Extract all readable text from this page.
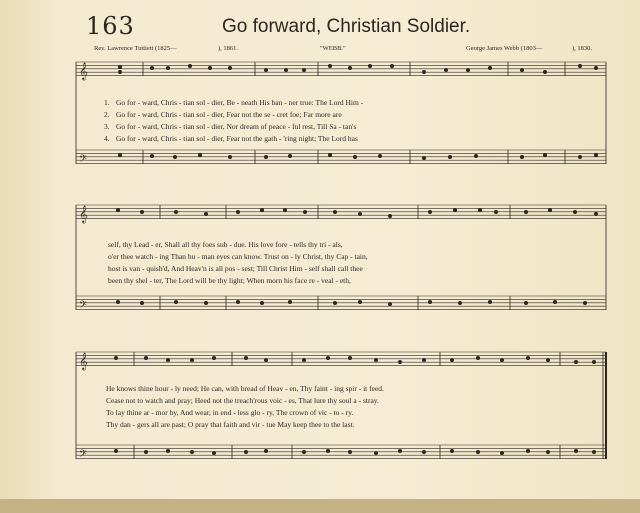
163	Go forward, Christian Soldier.
Rev. Lawrence Tuttiett (1825—	), 1861.	"WEBB."	George James Webb (1803—	), 1830.
𝄞
𝄢
𝄞
𝄢
𝄞
𝄢
1. Go for - ward, Chris - tian sol - dier, Be - neath His ban - ner true: The Lord Him -
2. Go for - ward, Chris - tian sol - dier, Fear not the se - cret foe; Far more are
3. Go for - ward, Chris - tian sol - dier, Nor dream of peace - ful rest, Till Sa - tan's
4. Go for - ward, Chris - tian sol - dier, Fear not the gath - 'ring night; The Lord has
self, thy Lead - er, Shall all thy foes sub - due. His love fore - tells thy tri - als,
o'er thee watch - ing Than hu - man eyes can know. Trust on - ly Christ, thy Cap - tain,
host is van - quish'd, And Heav'n is all pos - sest; Till Christ Him - self shall call thee
been thy shel - ter, The Lord will be thy light; When morn his face re - veal - eth,
He knows thine hour - ly need; He can, with bread of Heav - en, Thy faint - ing spir - it feed.
Cease not to watch and pray; Heed not the treach'rous voic - es, That lure thy soul a - stray.
To lay thine ar - mor by, And wear, in end - less glo - ry, The crown of vic - to - ry.
Thy dan - gers all are past; O pray that faith and vir - tue May keep thee to the last.
